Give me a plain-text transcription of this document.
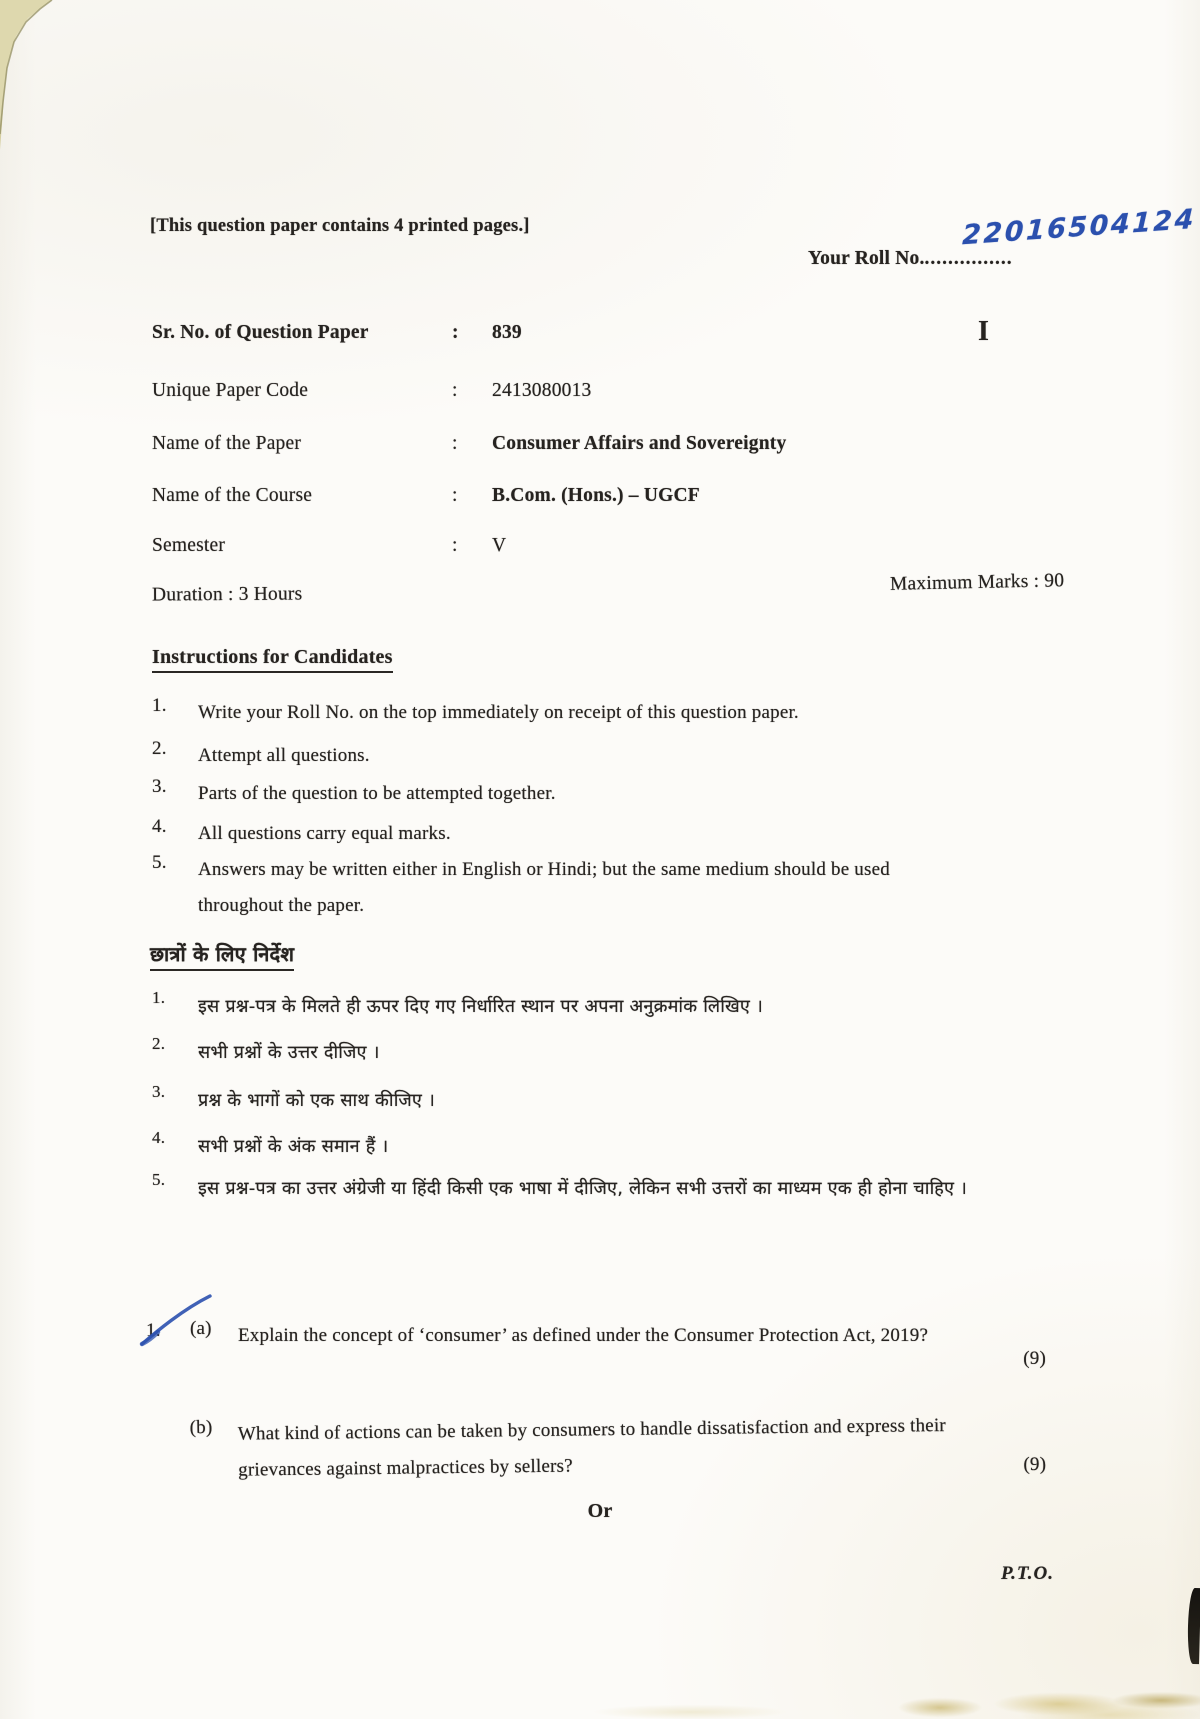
[This question paper contains 4 printed pages.]
Your Roll No................
22016504124
I
Sr. No. of Question Paper	: 839
Unique Paper Code	: 2413080013
Name of the Paper	: Consumer Affairs and Sovereignty
Name of the Course	: B.Com. (Hons.) – UGCF
Semester	: V
Duration : 3 Hours	Maximum Marks : 90
Instructions for Candidates
1. Write your Roll No. on the top immediately on receipt of this question paper.
2. Attempt all questions.
3. Parts of the question to be attempted together.
4. All questions carry equal marks.
5. Answers may be written either in English or Hindi; but the same medium should be used throughout the paper.
छात्रों के लिए निर्देश
1. इस प्रश्न-पत्र के मिलते ही ऊपर दिए गए निर्धारित स्थान पर अपना अनुक्रमांक लिखिए ।
2. सभी प्रश्नों के उत्तर दीजिए ।
3. प्रश्न के भागों को एक साथ कीजिए ।
4. सभी प्रश्नों के अंक समान हैं ।
5. इस प्रश्न-पत्र का उत्तर अंग्रेजी या हिंदी किसी एक भाषा में दीजिए, लेकिन सभी उत्तरों का माध्यम एक ही होना चाहिए ।
1. (a) Explain the concept of ‘consumer’ as defined under the Consumer Protection Act, 2019?
(9)
(b) What kind of actions can be taken by consumers to handle dissatisfaction and express their grievances against malpractices by sellers?	(9)
Or
P.T.O.
